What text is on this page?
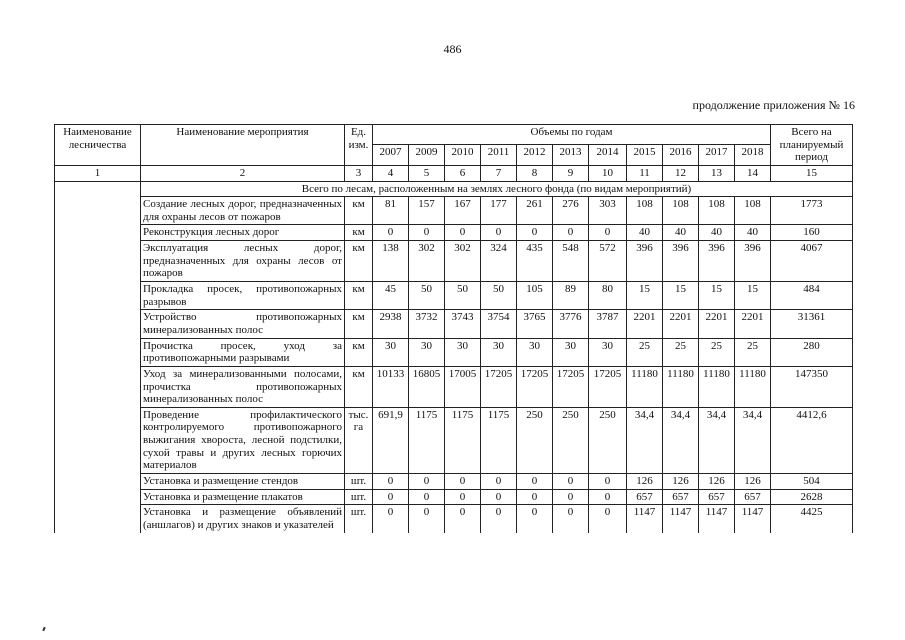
486
продолжение приложения № 16
Наименование лесничества	Наименование мероприятия	Ед. изм.	Объемы по годам											Всего на планируемый период
			2007	2009	2010	2011	2012	2013	2014	2015	2016	2017	2018	
1	2	3	4	5	6	7	8	9	10	11	12	13	14	15
	Всего по лесам, расположенным на землях лесного фонда (по видам мероприятий)													
	Создание лесных дорог, предназначенных для охраны лесов от пожаров	км	81	157	167	177	261	276	303	108	108	108	108	1773
	Реконструкция лесных дорог	км	0	0	0	0	0	0	0	40	40	40	40	160
	Эксплуатация лесных дорог, предназначенных для охраны лесов от пожаров	км	138	302	302	324	435	548	572	396	396	396	396	4067
	Прокладка просек, противопожарных разрывов	км	45	50	50	50	105	89	80	15	15	15	15	484
	Устройство противопожарных минерализованных полос	км	2938	3732	3743	3754	3765	3776	3787	2201	2201	2201	2201	31361
	Прочистка просек, уход за противопожарными разрывами	км	30	30	30	30	30	30	30	25	25	25	25	280
	Уход за минерализованными полосами, прочистка противопожарных минерализованных полос	км	10133	16805	17005	17205	17205	17205	17205	11180	11180	11180	11180	147350
	Проведение профилактического контролируемого противопожарного выжигания хвороста, лесной подстилки, сухой травы и других лесных горючих материалов	тыс. га	691,9	1175	1175	1175	250	250	250	34,4	34,4	34,4	34,4	4412,6
	Установка и размещение стендов	шт.	0	0	0	0	0	0	0	126	126	126	126	504
	Установка и размещение плакатов	шт.	0	0	0	0	0	0	0	657	657	657	657	2628
	Установка и размещение объявлений (аншлагов) и других знаков и указателей	шт.	0	0	0	0	0	0	0	1147	1147	1147	1147	4425
